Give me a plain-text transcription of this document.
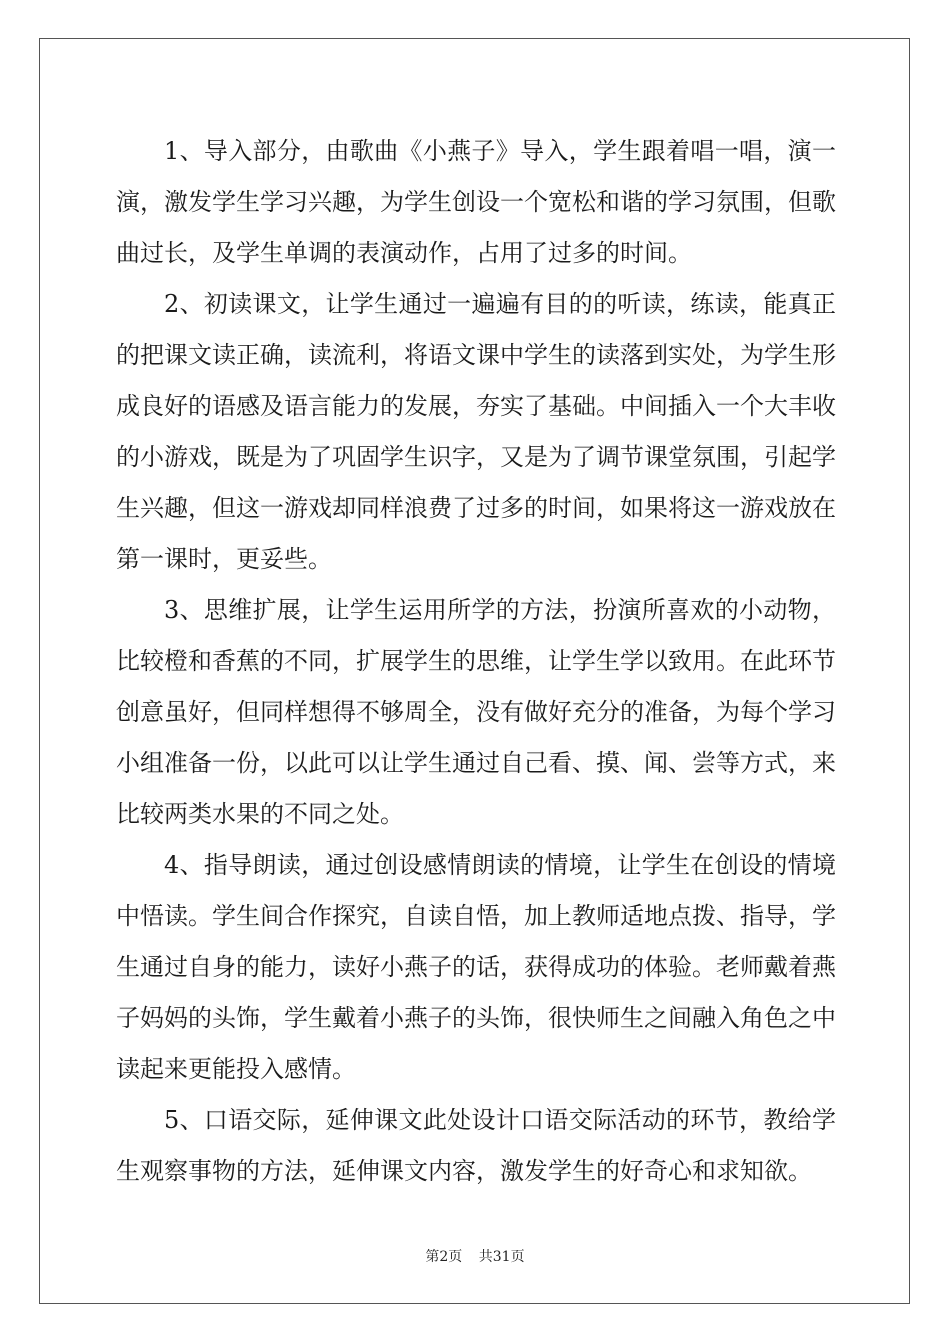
1、导入部分，由歌曲《小燕子》导入，学生跟着唱一唱，演一演，激发学生学习兴趣，为学生创设一个宽松和谐的学习氛围，但歌曲过长，及学生单调的表演动作，占用了过多的时间。

2、初读课文，让学生通过一遍遍有目的的听读，练读，能真正的把课文读正确，读流利，将语文课中学生的读落到实处，为学生形成良好的语感及语言能力的发展，夯实了基础。中间插入一个大丰收的小游戏，既是为了巩固学生识字，又是为了调节课堂氛围，引起学生兴趣，但这一游戏却同样浪费了过多的时间，如果将这一游戏放在第一课时，更妥些。

3、思维扩展，让学生运用所学的方法，扮演所喜欢的小动物，比较橙和香蕉的不同，扩展学生的思维，让学生学以致用。在此环节创意虽好，但同样想得不够周全，没有做好充分的准备，为每个学习小组准备一份，以此可以让学生通过自己看、摸、闻、尝等方式，来比较两类水果的不同之处。

4、指导朗读，通过创设感情朗读的情境，让学生在创设的情境中悟读。学生间合作探究，自读自悟，加上教师适地点拨、指导，学生通过自身的能力，读好小燕子的话，获得成功的体验。老师戴着燕子妈妈的头饰，学生戴着小燕子的头饰，很快师生之间融入角色之中读起来更能投入感情。

5、口语交际，延伸课文此处设计口语交际活动的环节，教给学生观察事物的方法，延伸课文内容，激发学生的好奇心和求知欲。

第2页 共31页
